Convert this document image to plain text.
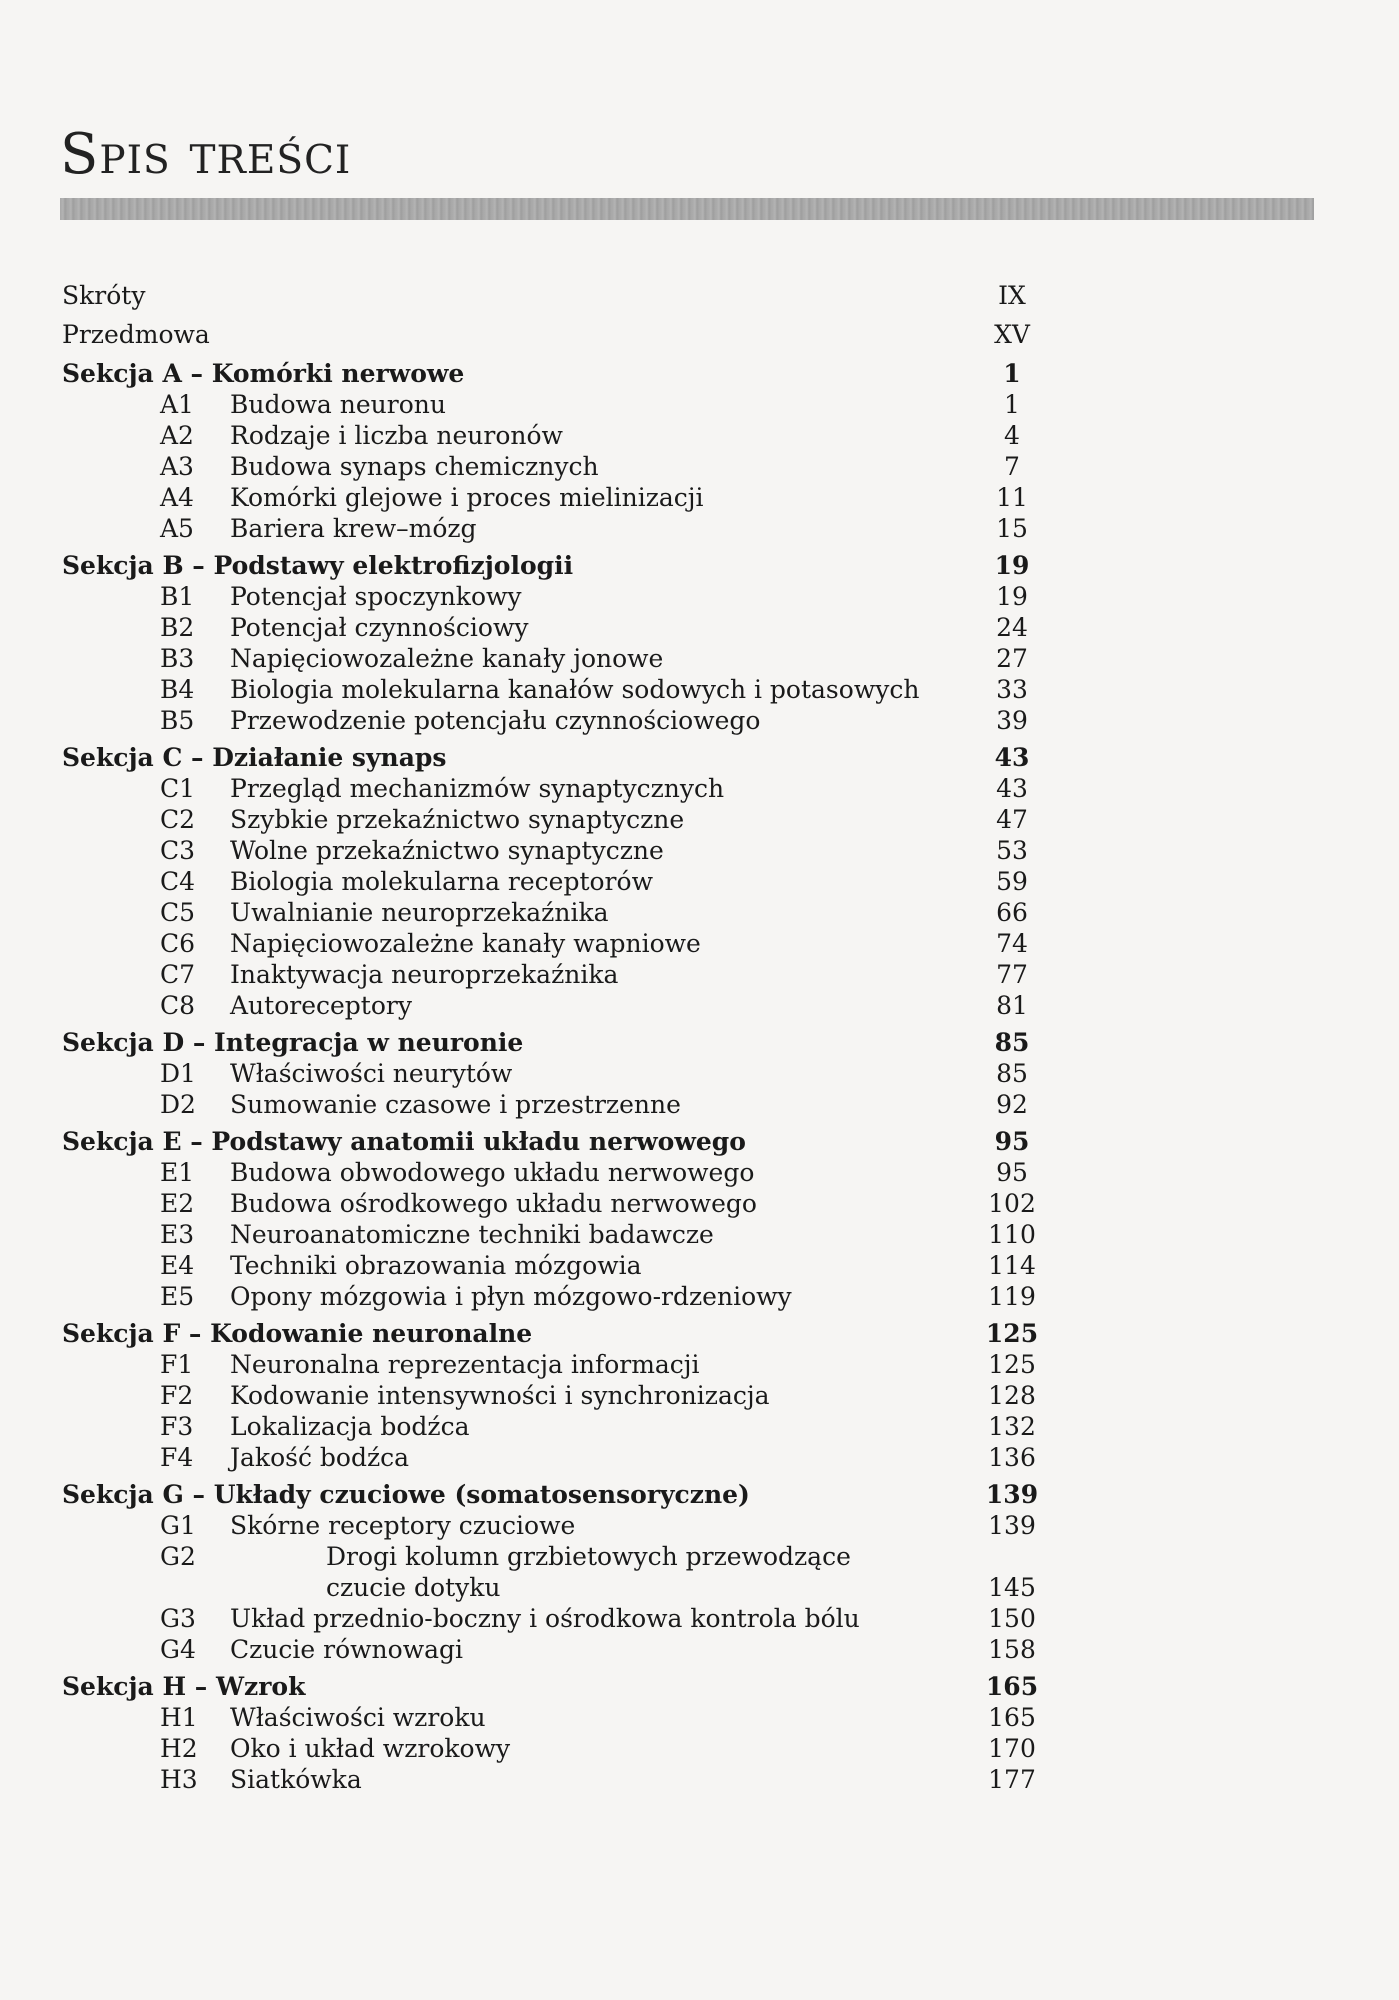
Spis treści
Skróty	IX
Przedmowa	XV
Sekcja A – Komórki nerwowe	1
A1	Budowa neuronu	1
A2	Rodzaje i liczba neuronów	4
A3	Budowa synaps chemicznych	7
A4	Komórki glejowe i proces mielinizacji	11
A5	Bariera krew–mózg	15
Sekcja B – Podstawy elektrofizjologii	19
B1	Potencjał spoczynkowy	19
B2	Potencjał czynnościowy	24
B3	Napięciowozależne kanały jonowe	27
B4	Biologia molekularna kanałów sodowych i potasowych	33
B5	Przewodzenie potencjału czynnościowego	39
Sekcja C – Działanie synaps	43
C1	Przegląd mechanizmów synaptycznych	43
C2	Szybkie przekaźnictwo synaptyczne	47
C3	Wolne przekaźnictwo synaptyczne	53
C4	Biologia molekularna receptorów	59
C5	Uwalnianie neuroprzekaźnika	66
C6	Napięciowozależne kanały wapniowe	74
C7	Inaktywacja neuroprzekaźnika	77
C8	Autoreceptory	81
Sekcja D – Integracja w neuronie	85
D1	Właściwości neurytów	85
D2	Sumowanie czasowe i przestrzenne	92
Sekcja E – Podstawy anatomii układu nerwowego	95
E1	Budowa obwodowego układu nerwowego	95
E2	Budowa ośrodkowego układu nerwowego	102
E3	Neuroanatomiczne techniki badawcze	110
E4	Techniki obrazowania mózgowia	114
E5	Opony mózgowia i płyn mózgowo-rdzeniowy	119
Sekcja F – Kodowanie neuronalne	125
F1	Neuronalna reprezentacja informacji	125
F2	Kodowanie intensywności i synchronizacja	128
F3	Lokalizacja bodźca	132
F4	Jakość bodźca	136
Sekcja G – Układy czuciowe (somatosensoryczne)	139
G1	Skórne receptory czuciowe	139
G2	Drogi kolumn grzbietowych przewodzące czucie dotyku	145
G3	Układ przednio-boczny i ośrodkowa kontrola bólu	150
G4	Czucie równowagi	158
Sekcja H – Wzrok	165
H1	Właściwości wzroku	165
H2	Oko i układ wzrokowy	170
H3	Siatkówka	177
